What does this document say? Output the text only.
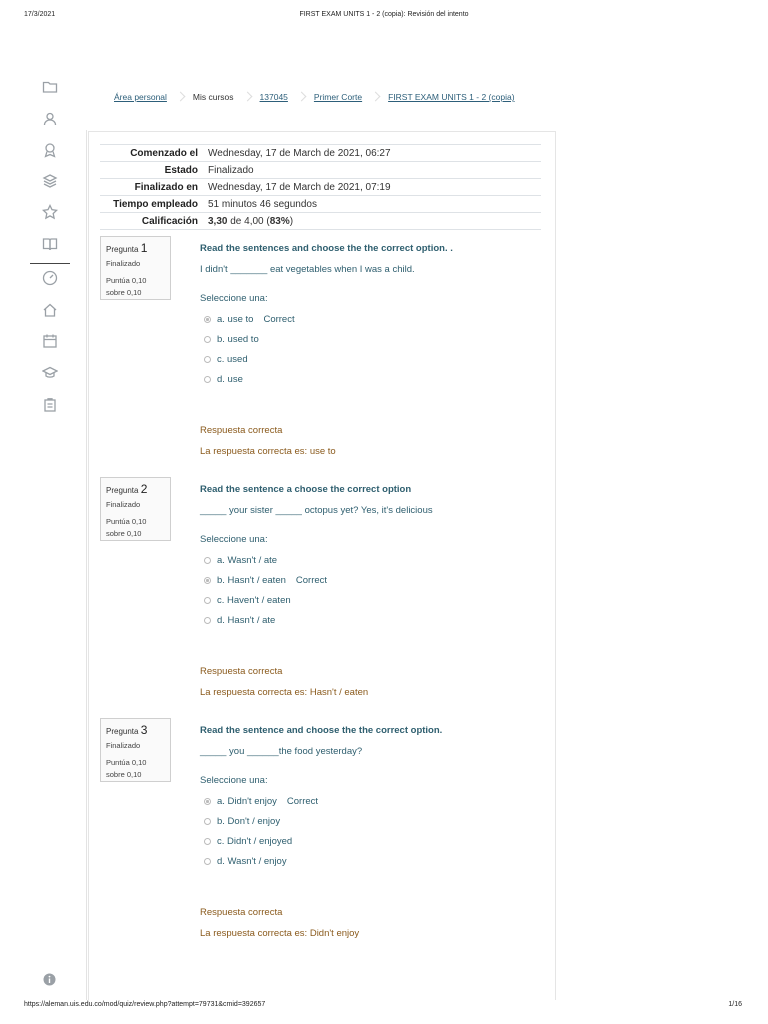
17/3/2021	FIRST EXAM UNITS 1 - 2 (copia): Revisión del intento
Área personal	Mis cursos	137045	Primer Corte	FIRST EXAM UNITS 1 - 2 (copia)
Comenzado el	Wednesday, 17 de March de 2021, 06:27
Estado	Finalizado
Finalizado en	Wednesday, 17 de March de 2021, 07:19
Tiempo empleado	51 minutos 46 segundos
Calificación	3,30 de 4,00 (83%)
Pregunta 1
Finalizado
Puntúa 0,10
sobre 0,10
Read the sentences and choose the the correct option. .
I didn't _______ eat vegetables when I was a child.
Seleccione una:
a. use to Correct
b. used to
c. used
d. use
Respuesta correcta
La respuesta correcta es: use to
Pregunta 2
Finalizado
Puntúa 0,10
sobre 0,10
Read the sentence a choose the correct option
_____ your sister _____ octopus yet? Yes, it's delicious
Seleccione una:
a. Wasn't / ate
b. Hasn't / eaten Correct
c. Haven't / eaten
d. Hasn't / ate
Respuesta correcta
La respuesta correcta es: Hasn't / eaten
Pregunta 3
Finalizado
Puntúa 0,10
sobre 0,10
Read the sentence and choose the the correct option.
_____ you ______the food yesterday?
Seleccione una:
a. Didn't enjoy Correct
b. Don't / enjoy
c. Didn't / enjoyed
d. Wasn't / enjoy
Respuesta correcta
La respuesta correcta es: Didn't enjoy
https://aleman.uis.edu.co/mod/quiz/review.php?attempt=79731&cmid=392657	1/16
